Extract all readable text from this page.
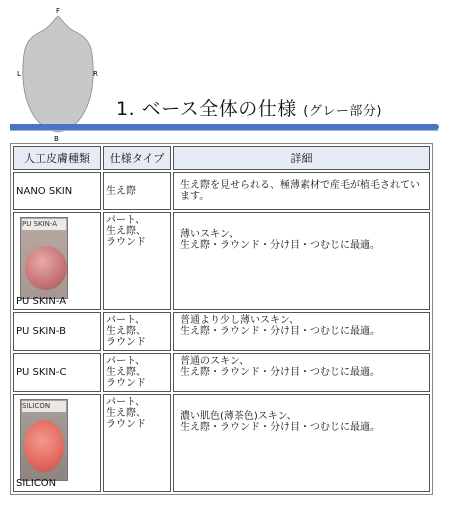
F
L	R
B
1. ベース全体の仕様 (グレー部分)
人工皮膚種類	仕様タイプ	詳細
NANO SKIN	生え際	生え際を見せられる、極薄素材で産毛が植毛されています。

PU SKIN-A
PU SKIN-A	パート、
生え際、
ラウンド	薄いスキン、
生え際・ラウンド・分け目・つむじに最適。
PU SKIN-B	パート、
生え際、
ラウンド	普通より少し薄いスキン、
生え際・ラウンド・分け目・つむじに最適。
PU SKIN-C	パート、
生え際、
ラウンド	普通のスキン、
生え際・ラウンド・分け目・つむじに最適。

SILICON
SILICON	パート、
生え際、
ラウンド	濃い肌色(薄茶色)スキン、
生え際・ラウンド・分け目・つむじに最適。
